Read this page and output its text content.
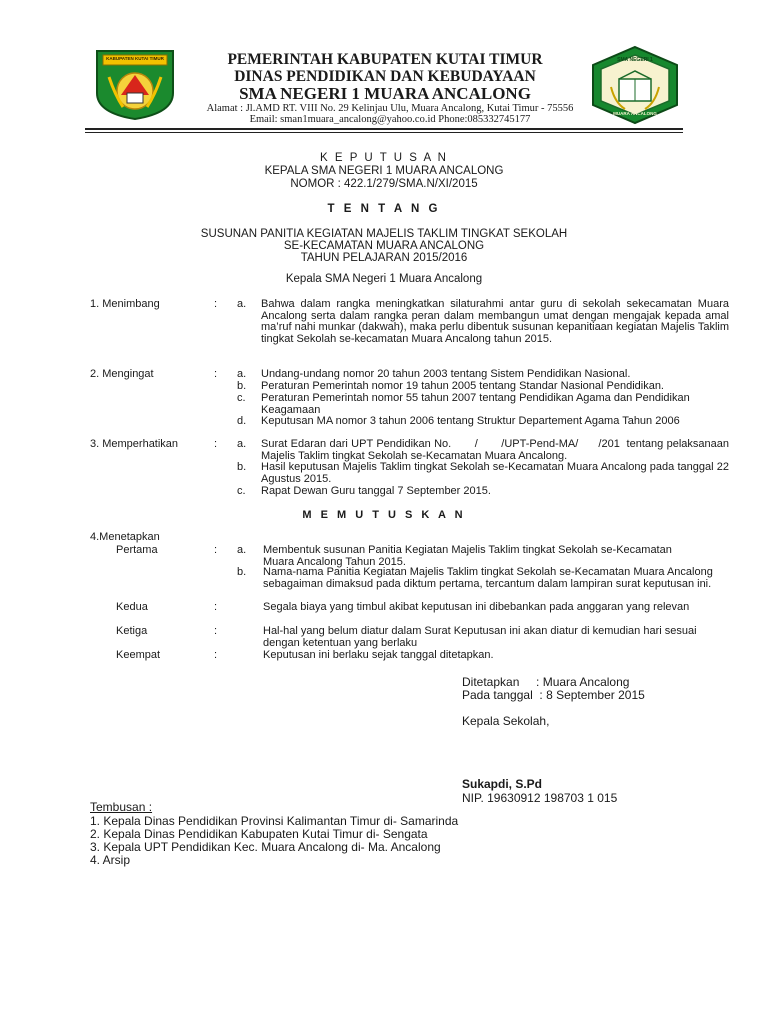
KABUPATEN KUTAI TIMUR	SMA NEGERI 1
MUARA ANCALONG
PEMERINTAH KABUPATEN KUTAI TIMUR
DINAS PENDIDIKAN DAN KEBUDAYAAN
SMA NEGERI 1 MUARA ANCALONG
Alamat : Jl.AMD RT. VIII No. 29 Kelinjau Ulu, Muara Ancalong, Kutai Timur - 75556
Email: sman1muara_ancalong@yahoo.co.id Phone:085332745177
K E P U T U S A N
KEPALA SMA NEGERI 1 MUARA ANCALONG
NOMOR : 422.1/279/SMA.N/XI/2015
T E N T A N G
SUSUNAN PANITIA KEGIATAN MAJELIS TAKLIM TINGKAT SEKOLAH
SE-KECAMATAN MUARA ANCALONG
TAHUN PELAJARAN 2015/2016
Kepala SMA Negeri 1 Muara Ancalong
1. Menimbang	: a. Bahwa dalam rangka meningkatkan silaturahmi antar guru di sekolah sekecamatan Muara Ancalong serta dalam rangka peran dalam membangun umat dengan mengajak kepada amal ma’ruf nahi munkar (dakwah), maka perlu dibentuk susunan kepanitiaan kegiatan Majelis Taklim tingkat Sekolah se-kecamatan Muara Ancalong tahun 2015.
2. Mengingat	: a. Undang-undang nomor 20 tahun 2003 tentang Sistem Pendidikan Nasional.
b. Peraturan Pemerintah nomor 19 tahun 2005 tentang Standar Nasional Pendidikan.
c. Peraturan Pemerintah nomor 55 tahun 2007 tentang Pendidikan Agama dan Pendidikan Keagamaan
d. Keputusan MA nomor 3 tahun 2006 tentang Struktur Departement Agama Tahun 2006
3. Memperhatikan	: a. Surat Edaran dari UPT Pendidikan No.       /       /UPT-Pend-MA/      /201  tentang pelaksanaan Majelis Taklim tingkat Sekolah se-Kecamatan Muara Ancalong.
b. Hasil keputusan Majelis Taklim tingkat Sekolah se-Kecamatan Muara Ancalong pada tanggal 22 Agustus 2015.
c. Rapat Dewan Guru tanggal 7 September 2015.
M E M U T U S K A N
4.Menetapkan
Pertama	: a. Membentuk susunan Panitia Kegiatan Majelis Taklim tingkat Sekolah se-Kecamatan Muara Ancalong Tahun 2015.
b. Nama-nama Panitia Kegiatan Majelis Taklim tingkat Sekolah se-Kecamatan Muara Ancalong sebagaiman dimaksud pada diktum pertama, tercantum dalam lampiran surat keputusan ini.
Kedua	:	Segala biaya yang timbul akibat keputusan ini dibebankan pada anggaran yang relevan
Ketiga	:	Hal-hal yang belum diatur dalam Surat Keputusan ini akan diatur di kemudian hari sesuai dengan ketentuan yang berlaku
Keempat	:	Keputusan ini berlaku sejak tanggal ditetapkan.
Ditetapkan     : Muara Ancalong
Pada tanggal  : 8 September 2015
Kepala Sekolah,
Sukapdi, S.Pd
NIP. 19630912 198703 1 015
Tembusan :
1. Kepala Dinas Pendidikan Provinsi Kalimantan Timur di- Samarinda
2. Kepala Dinas Pendidikan Kabupaten Kutai Timur di- Sengata
3. Kepala UPT Pendidikan Kec. Muara Ancalong di- Ma. Ancalong
4. Arsip
